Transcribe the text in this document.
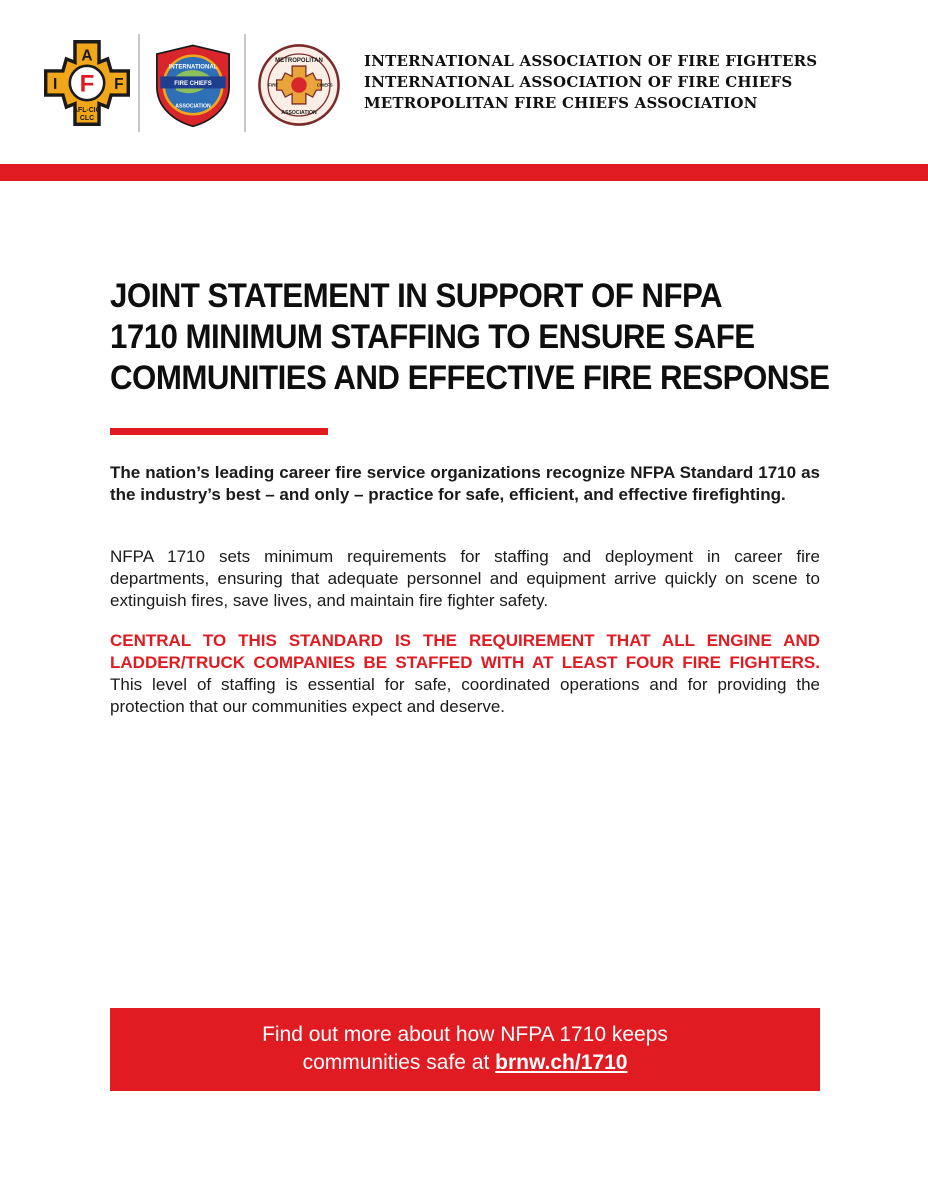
A
I	F
F
AFL-CIO
CLC
INTERNATIONAL
FIRE CHIEFS
ASSOCIATION
METROPOLITAN
FIRE	CHIEFS
ASSOCIATION
INTERNATIONAL ASSOCIATION OF FIRE FIGHTERS
INTERNATIONAL ASSOCIATION OF FIRE CHIEFS
METROPOLITAN FIRE CHIEFS ASSOCIATION
JOINT STATEMENT IN SUPPORT OF NFPA
1710 MINIMUM STAFFING TO ENSURE SAFE
COMMUNITIES AND EFFECTIVE FIRE RESPONSE

The nation’s leading career fire service organizations recognize NFPA Standard 1710 as the industry’s best – and only – practice for safe, efficient, and effective firefighting.

NFPA 1710 sets minimum requirements for staffing and deployment in career fire departments, ensuring that adequate personnel and equipment arrive quickly on scene to extinguish fires, save lives, and maintain fire fighter safety.

CENTRAL TO THIS STANDARD IS THE REQUIREMENT THAT ALL ENGINE AND LADDER/TRUCK COMPANIES BE STAFFED WITH AT LEAST FOUR FIRE FIGHTERS. This level of staffing is essential for safe, coordinated operations and for providing the protection that our communities expect and deserve.

Find out more about how NFPA 1710 keeps
communities safe at brnw.ch/1710
